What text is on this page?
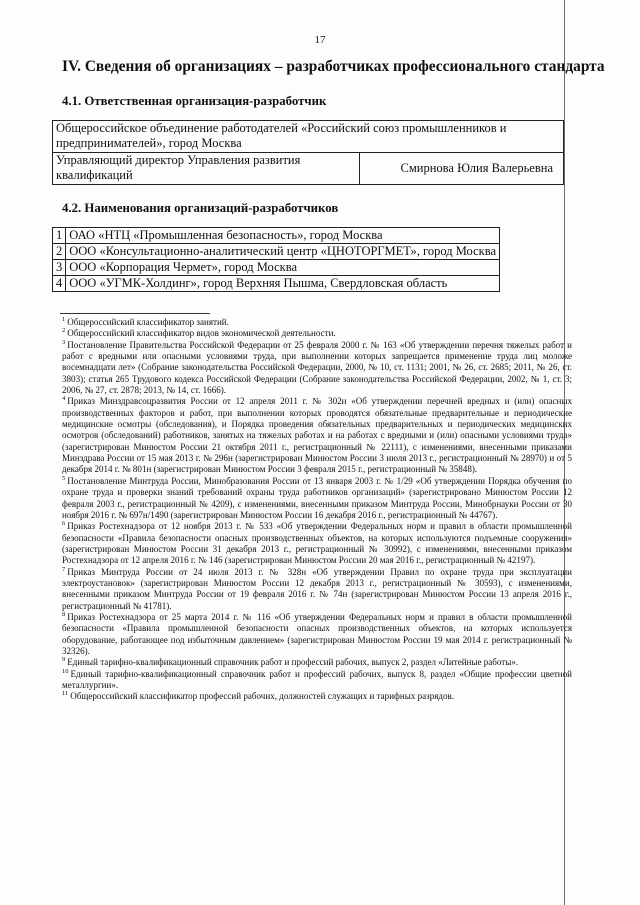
17
IV. Сведения об организациях – разработчиках профессионального стандарта
4.1. Ответственная организация-разработчик
Общероссийское объединение работодателей «Российский союз промышленников и предпринимателей», город Москва
Управляющий директор Управления развития квалификаций	Смирнова Юлия Валерьевна
4.2. Наименования организаций-разработчиков
1	ОАО «НТЦ «Промышленная безопасность», город Москва
2	ООО «Консультационно-аналитический центр «ЦНОТОРГМЕТ», город Москва
3	ООО «Корпорация Чермет», город Москва
4	ООО «УГМК-Холдинг», город Верхняя Пышма, Свердловская область

$^1$ Общероссийский классификатор занятий.

$^2$ Общероссийский классификатор видов экономической деятельности.

$^3$ Постановление Правительства Российской Федерации от 25 февраля 2000 г. № 163 «Об утверждении перечня тяжелых работ и работ с вредными или опасными условиями труда, при выполнении которых запрещается применение труда лиц моложе восемнадцати лет» (Собрание законодательства Российской Федерации, 2000, № 10, ст. 1131; 2001, № 26, ст. 2685; 2011, № 26, ст. 3803); статья 265 Трудового кодекса Российской Федерации (Собрание законодательства Российской Федерации, 2002, № 1, ст. 3; 2006, № 27, ст. 2878; 2013, № 14, ст. 1666).

$^4$ Приказ Минздравсоцразвития России от 12 апреля 2011 г. № 302н «Об утверждении перечней вредных и (или) опасных производственных факторов и работ, при выполнении которых проводятся обязательные предварительные и периодические медицинские осмотры (обследования), и Порядка проведения обязательных предварительных и периодических медицинских осмотров (обследований) работников, занятых на тяжелых работах и на работах с вредными и (или) опасными условиями труда» (зарегистрирован Минюстом России 21 октября 2011 г., регистрационный № 22111), с изменениями, внесенными приказами Минздрава России от 15 мая 2013 г. № 296н (зарегистрирован Минюстом России 3 июля 2013 г., регистрационный № 28970) и от 5 декабря 2014 г. № 801н (зарегистрирован Минюстом России 3 февраля 2015 г., регистрационный № 35848).

$^5$ Постановление Минтруда России, Минобразования России от 13 января 2003 г. № 1/29 «Об утверждении Порядка обучения по охране труда и проверки знаний требований охраны труда работников организаций» (зарегистрировано Минюстом России 12 февраля 2003 г., регистрационный № 4209), с изменениями, внесенными приказом Минтруда России, Минобрнауки России от 30 ноября 2016 г. № 697н/1490 (зарегистрирован Минюстом России 16 декабря 2016 г., регистрационный № 44767).

$^6$ Приказ Ростехнадзора от 12 ноября 2013 г. № 533 «Об утверждении Федеральных норм и правил в области промышленной безопасности «Правила безопасности опасных производственных объектов, на которых используются подъемные сооружения» (зарегистрирован Минюстом России 31 декабря 2013 г., регистрационный № 30992), с изменениями, внесенными приказом Ростехнадзора от 12 апреля 2016 г. № 146 (зарегистрирован Минюстом России 20 мая 2016 г., регистрационный № 42197).

$^7$ Приказ Минтруда России от 24 июля 2013 г. № 328н «Об утверждении Правил по охране труда при эксплуатации электроустановок» (зарегистрирован Минюстом России 12 декабря 2013 г., регистрационный № 30593), с изменениями, внесенными приказом Минтруда России от 19 февраля 2016 г. № 74н (зарегистрирован Минюстом России 13 апреля 2016 г., регистрационный № 41781).

$^8$ Приказ Ростехнадзора от 25 марта 2014 г. № 116 «Об утверждении Федеральных норм и правил в области промышленной безопасности «Правила промышленной безопасности опасных производственных объектов, на которых используется оборудование, работающее под избыточным давлением» (зарегистрирован Минюстом России 19 мая 2014 г. регистрационный № 32326).

$^9$ Единый тарифно-квалификационный справочник работ и профессий рабочих, выпуск 2, раздел «Литейные работы».

$^{10}$ Единый тарифно-квалификационный справочник работ и профессий рабочих, выпуск 8, раздел «Общие профессии цветной металлургии».

$^{11}$ Общероссийский классификатор профессий рабочих, должностей служащих и тарифных разрядов.
